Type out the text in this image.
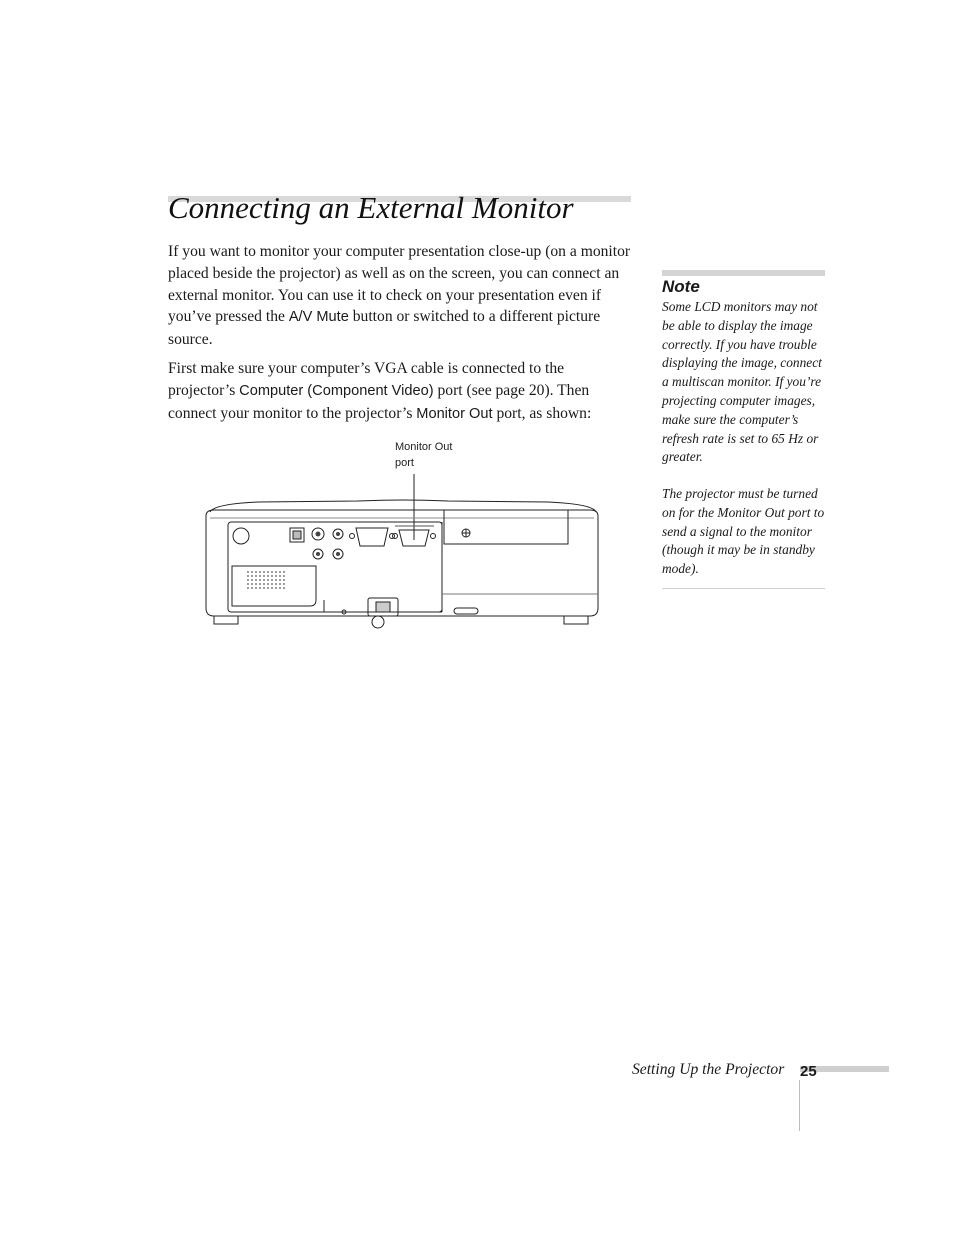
Connecting an External Monitor

If you want to monitor your computer presentation close-up (on a monitor placed beside the projector) as well as on the screen, you can connect an external monitor. You can use it to check on your presentation even if you’ve pressed the A/V Mute button or switched to a different picture source.

First make sure your computer’s VGA cable is connected to the projector’s Computer (Component Video) port (see page 20). Then connect your monitor to the projector’s Monitor Out port, as shown:

Note

Some LCD monitors may not be able to display the image correctly. If you have trouble displaying the image, connect a multiscan monitor. If you’re projecting computer images, make sure the computer’s refresh rate is set to 65 Hz or greater.

The projector must be turned on for the Monitor Out port to send a signal to the monitor (though it may be in standby mode).

Monitor Out
port

Setting Up the Projector 25
